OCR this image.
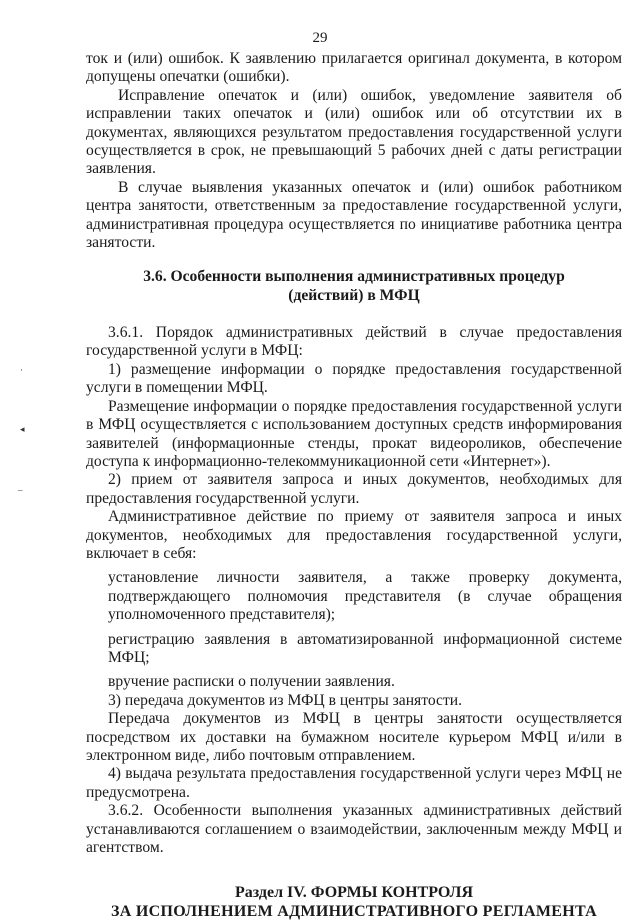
29
·
◂
–

ток и (или) ошибок. К заявлению прилагается оригинал документа, в котором допущены опечатки (ошибки).

Исправление опечаток и (или) ошибок, уведомление заявителя об исправлении таких опечаток и (или) ошибок или об отсутствии их в документах, являющихся результатом предоставления государственной услуги осуществляется в срок, не превышающий 5 рабочих дней с даты регистрации заявления.

В случае выявления указанных опечаток и (или) ошибок работником центра занятости, ответственным за предоставление государственной услуги, административная процедура осуществляется по инициативе работника центра занятости.

3.6. Особенности выполнения административных процедур
(действий) в МФЦ

3.6.1. Порядок административных действий в случае предоставления государственной услуги в МФЦ:

1) размещение информации о порядке предоставления государственной услуги в помещении МФЦ.

Размещение информации о порядке предоставления государственной услуги в МФЦ осуществляется с использованием доступных средств информирования заявителей (информационные стенды, прокат видеороликов, обеспечение доступа к информационно-телекоммуникационной сети «Интернет»).

2) прием от заявителя запроса и иных документов, необходимых для предоставления государственной услуги.

Административное действие по приему от заявителя запроса и иных документов, необходимых для предоставления государственной услуги, включает в себя:

установление личности заявителя, а также проверку документа, подтверждающего полномочия представителя (в случае обращения уполномоченного представителя);

регистрацию заявления в автоматизированной информационной системе МФЦ;

вручение расписки о получении заявления.

3) передача документов из МФЦ в центры занятости.

Передача документов из МФЦ в центры занятости осуществляется посредством их доставки на бумажном носителе курьером МФЦ и/или в электронном виде, либо почтовым отправлением.

4) выдача результата предоставления государственной услуги через МФЦ не предусмотрена.

3.6.2. Особенности выполнения указанных административных действий устанавливаются соглашением о взаимодействии, заключенным между МФЦ и агентством.

Раздел IV. ФОРМЫ КОНТРОЛЯ
ЗА ИСПОЛНЕНИЕМ АДМИНИСТРАТИВНОГО РЕГЛАМЕНТА
